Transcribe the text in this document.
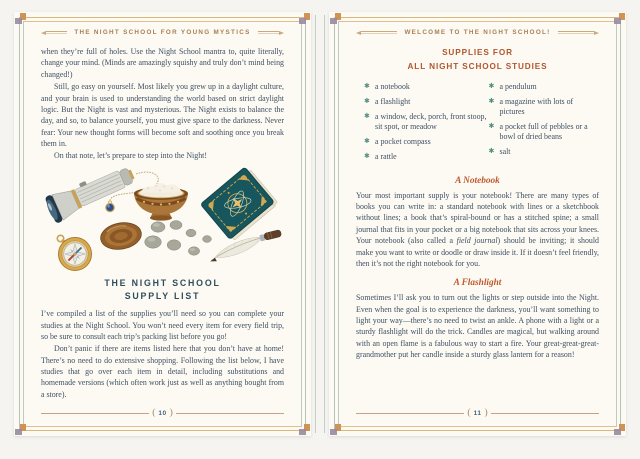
THE NIGHT SCHOOL FOR YOUNG MYSTICS

when they’re full of holes. Use the Night School mantra to, quite literally, change your mind. (Minds are amazingly squishy and truly don’t mind being changed!)

Still, go easy on yourself. Most likely you grew up in a daylight culture, and your brain is used to understanding the world based on strict daylight logic. But the Night is vast and mysterious. The Night exists to balance the day, and so, to balance yourself, you must give space to the darkness. Never fear: Your new thought forms will become soft and soothing once you break them in.

On that note, let’s prepare to step into the Night!

THE NIGHT SCHOOL
SUPPLY LIST

I’ve compiled a list of the supplies you’ll need so you can complete your studies at the Night School. You won’t need every item for every field trip, so be sure to consult each trip’s packing list before you go!

Don’t panic if there are items listed here that you don’t have at home! There’s no need to do extensive shopping. Following the list below, I have studies that go over each item in detail, including substitutions and homemade versions (which often work just as well as anything bought from a store).

( 10 )
WELCOME TO THE NIGHT SCHOOL!
SUPPLIES FOR
ALL NIGHT SCHOOL STUDIES
✱ a notebook
✱ a flashlight
✱ a window, deck, porch, front stoop, sit spot, or meadow
✱ a pocket compass
✱ a rattle
✱ a pendulum
✱ a magazine with lots of pictures
✱ a pocket full of pebbles or a bowl of dried beans
✱ salt
A Notebook

Your most important supply is your notebook! There are many types of books you can write in: a standard notebook with lines or a sketchbook without lines; a book that’s spiral-bound or has a stitched spine; a small journal that fits in your pocket or a big notebook that sits across your knees. Your notebook (also called a field journal) should be inviting; it should make you want to write or doodle or draw inside it. If it doesn’t feel friendly, then it’s not the right notebook for you.

A Flashlight

Sometimes I’ll ask you to turn out the lights or step outside into the Night. Even when the goal is to experience the darkness, you’ll want something to light your way—there’s no need to twist an ankle. A phone with a light or a sturdy flashlight will do the trick. Candles are magical, but walking around with an open flame is a fabulous way to start a fire. Your great-great-great-grandmother put her candle inside a sturdy glass lantern for a reason!

( 11 )
